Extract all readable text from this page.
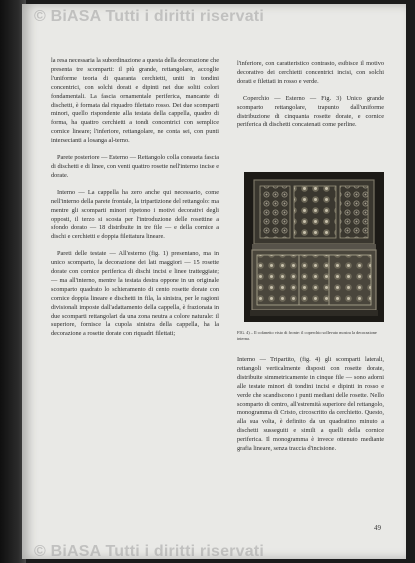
© BiASA Tutti i diritti riservati

la resa necessaria la subordinazione a questa della decorazione che presenta tre scomparti: il più grande, rettangolare, accoglie l'uniforme teoria di quaranta cerchietti, uniti in tondini concentrici, con solchi dorati e dipinti nei due soliti colori fondamentali. La fascia ornamentale periferica, mancante di dischetti, è formata dal riquadro filettato rosso. Dei due scomparti minori, quello rispondente alla testata della cappella, quadro di forma, ha quattro cerchietti a tondi concentrici con semplice cornice lineare; l'inferiore, rettangolare, ne conta sei, con punti intersecianti a losanga al-terno.

Parete posteriore — Esterno — Rettangolo colla consueta fascia di dischetti e di linee, con venti quattro rosette nell'interno incise e dorate.

Interno — La cappella ha zero anche qui necessario, come nell'interno della parete frontale, la tripartizione del rettangolo: ma mentre gli scomparti minori ripetono i motivi decorativi degli opposti, il terzo si scosta per l'introduzione delle rosettine a sfondo dorato — 18 distribuite in tre file — e della cornice a dischi e cerchietti e doppia filettatura lineare.

Pareti delle testate — All'esterno (fig. 1) presentano, ma in unico scomparto, la decorazione dei lati maggiori — 15 rosette dorate con cornice periferica di dischi incisi e linee tratteggiate; — ma all'interno, mentre la testata destra oppone in un originale scomparto quadrato lo schieramento di cento rosette dorate con cornice doppia lineare e dischetti in fila, la sinistra, per le ragioni divisionali imposte dall'adattamento della cappella, è frazionata in due scomparti rettangolari da una zona neutra a colore naturale: il superiore, fornisce la cupola sinistra della cappella, ha la decorazione a rosette dorate con riquadri filettati;

l'inferiore, con caratteristico contrasto, esibisce il motivo decorativo dei cerchietti concentrici incisi, con solchi dorati e filettati in rosso e verde.

Coperchio — Esterno — Fig. 3) Unico grande scomparto rettangolare, trapunto dall'uniforme distribuzione di cinquanta rosette dorate, e cornice periferica di dischetti concatenati come perline.

FIG. 4) – Il cofanetto visto di fronte: il coperchio sollevato mostra la decorazione interna.

Interno — Tripartito, (fig. 4) gli scomparti laterali, rettangoli verticalmente disposti con rosette dorate, distribuite simmetricamente in cinque file — sono adorni alle testate minori di tondini incisi e dipinti in rosso e verde che scandiscono i punti mediani delle rosette. Nello scomparto di centro, all'estremità superiore del rettangolo, monogramma di Cristo, circoscritto da cerchietto. Questo, alla sua volta, è definito da un quadratino minuto a dischetti susseguiti e simili a quelli della cornice periferica. Il monogramma è invece ottenuto mediante grafia lineare, senza traccia d'incisione.

49
© BiASA Tutti i diritti riservati
